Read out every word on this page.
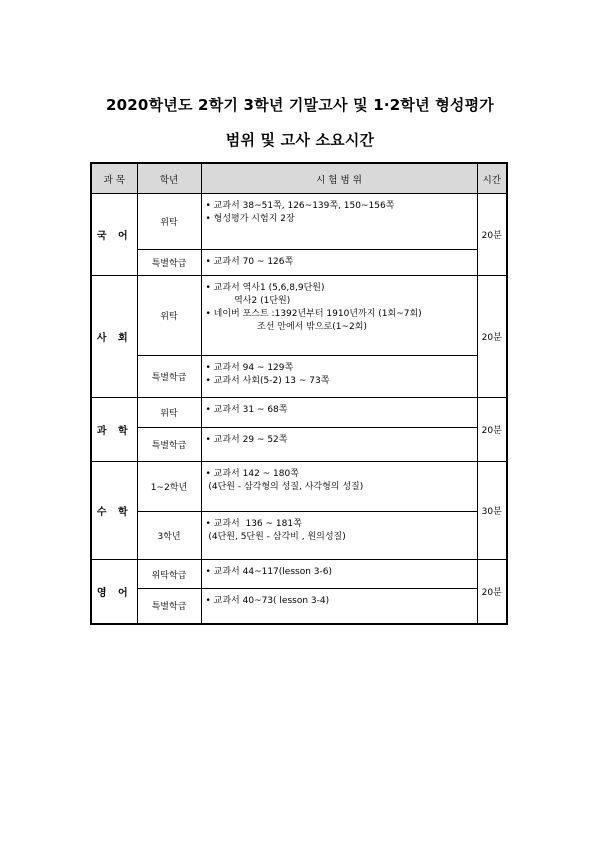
2020학년도 2학기 3학년 기말고사 및 1·2학년 형성평가
범위 및 고사 소요시간
과 목	학년	시 험 범 위	시간
국 어	위탁	• 교과서 38~51쪽, 126~139쪽, 150~156쪽
• 형성평가 시험지 2장	20분
	특별학급	• 교과서 70 ~ 126쪽	

사 회	위탁	• 교과서 역사1 (5,6,8,9단원)
역사2 (1단원)
• 네이버 포스트 :1392년부터 1910년까지 (1회~7회)
조선 안에서 밖으로(1~2회)	20분
	특별학급	• 교과서 94 ~ 129쪽
• 교과서 사회(5-2) 13 ~ 73쪽	

과 학	위탁	• 교과서 31 ~ 68쪽	20분
	특별학급	• 교과서 29 ~ 52쪽	

수 학	1~2학년	• 교과서 142 ~ 180쪽
(4단원 - 삼각형의 성질, 사각형의 성질)	30분
	3학년	• 교과서  136 ~ 181쪽
(4단원, 5단원 - 삼각비 , 원의성질)	

영 어	위탁학급	• 교과서 44~117(lesson 3-6)	20분
	특별학급	• 교과서 40~73( lesson 3-4)	
